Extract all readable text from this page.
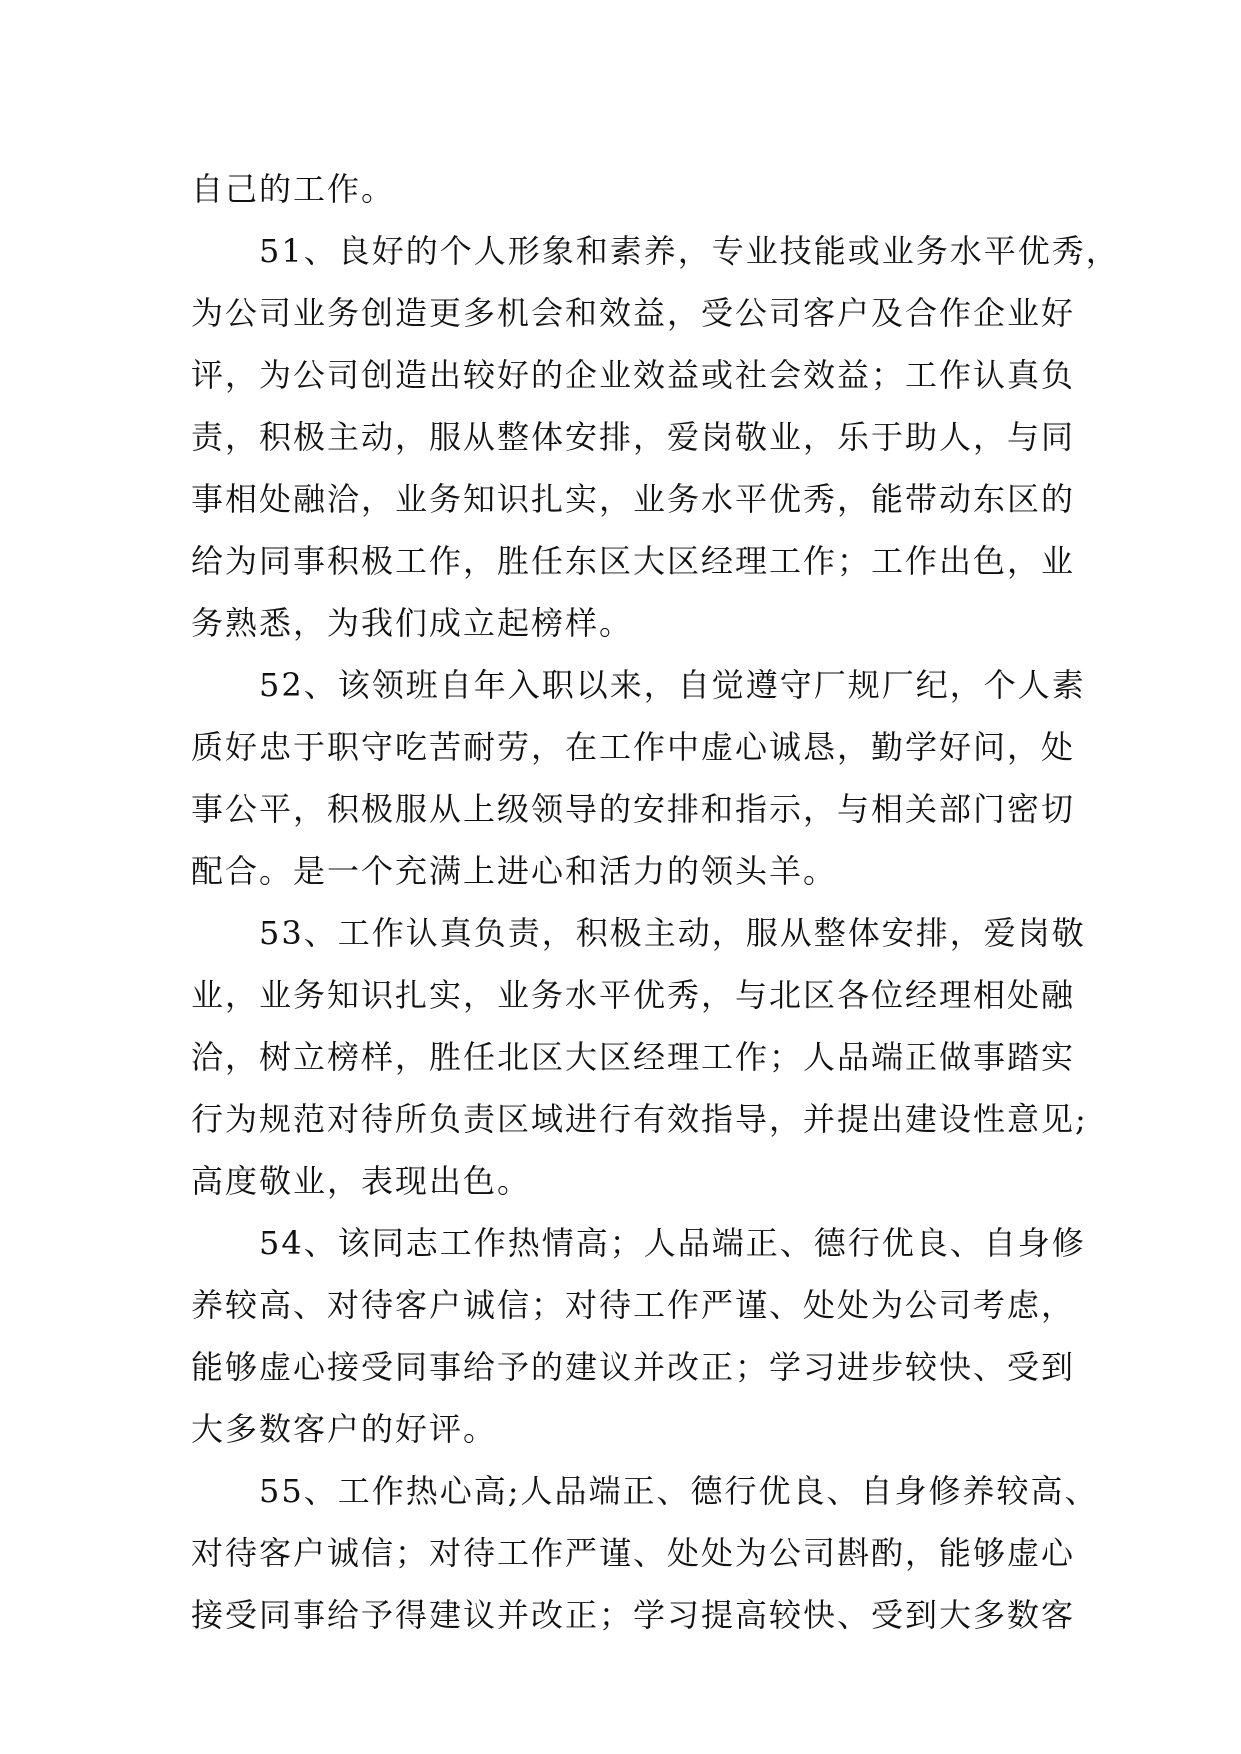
自己的工作。
　　51、良好的个人形象和素养，专业技能或业务水平优秀，
为公司业务创造更多机会和效益，受公司客户及合作企业好
评，为公司创造出较好的企业效益或社会效益；工作认真负
责，积极主动，服从整体安排，爱岗敬业，乐于助人，与同
事相处融洽，业务知识扎实，业务水平优秀，能带动东区的
给为同事积极工作，胜任东区大区经理工作；工作出色，业
务熟悉，为我们成立起榜样。
　　52、该领班自年入职以来，自觉遵守厂规厂纪，个人素
质好忠于职守吃苦耐劳，在工作中虚心诚恳，勤学好问，处
事公平，积极服从上级领导的安排和指示，与相关部门密切
配合。是一个充满上进心和活力的领头羊。
　　53、工作认真负责，积极主动，服从整体安排，爱岗敬
业，业务知识扎实，业务水平优秀，与北区各位经理相处融
洽，树立榜样，胜任北区大区经理工作；人品端正做事踏实
行为规范对待所负责区域进行有效指导，并提出建设性意见;
高度敬业，表现出色。
　　54、该同志工作热情高；人品端正、德行优良、自身修
养较高、对待客户诚信；对待工作严谨、处处为公司考虑，
能够虚心接受同事给予的建议并改正；学习进步较快、受到
大多数客户的好评。
　　55、工作热心高;人品端正、德行优良、自身修养较高、
对待客户诚信；对待工作严谨、处处为公司斟酌，能够虚心
接受同事给予得建议并改正；学习提高较快、受到大多数客
